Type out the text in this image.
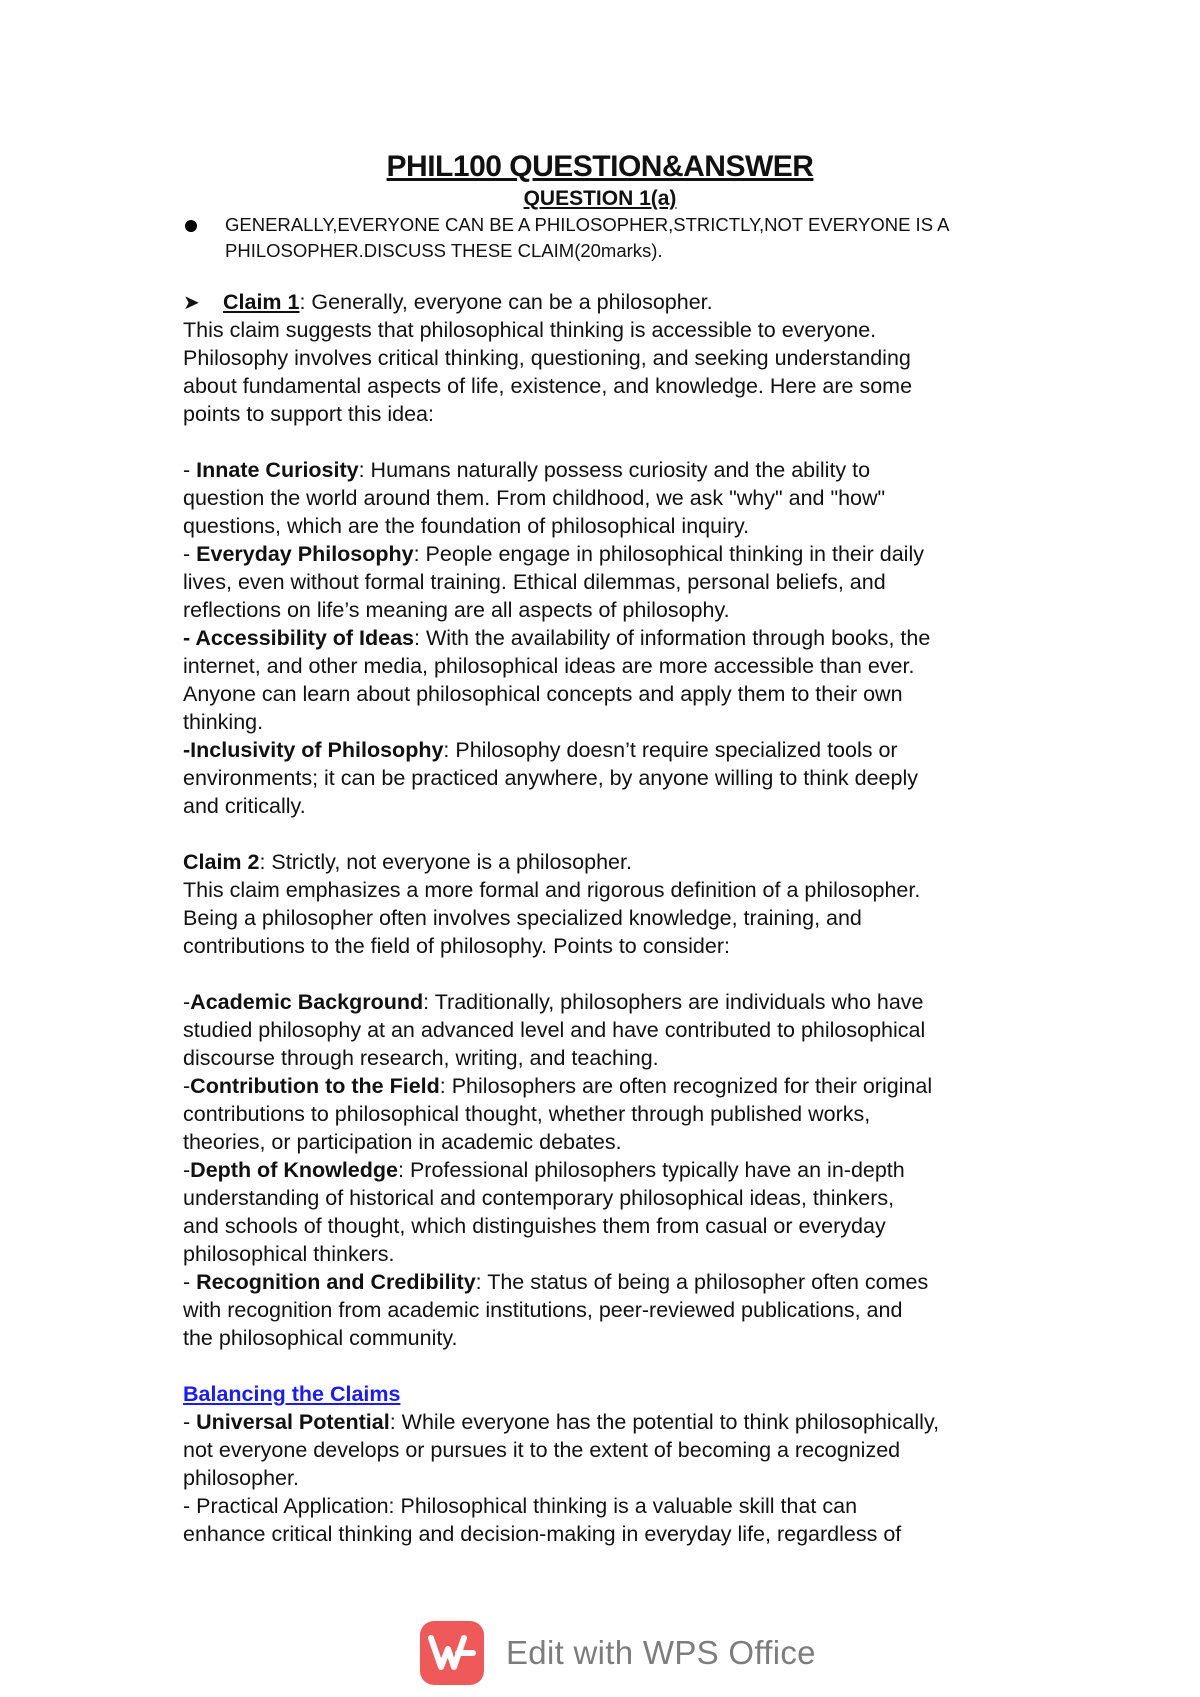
PHIL100 QUESTION&ANSWER
QUESTION 1(a)
GENERALLY,EVERYONE CAN BE A PHILOSOPHER,STRICTLY,NOT EVERYONE IS A
PHILOSOPHER.DISCUSS THESE CLAIM(20marks).
➤ Claim 1: Generally, everyone can be a philosopher.
This claim suggests that philosophical thinking is accessible to everyone.
Philosophy involves critical thinking, questioning, and seeking understanding
about fundamental aspects of life, existence, and knowledge. Here are some
points to support this idea:
- Innate Curiosity: Humans naturally possess curiosity and the ability to
question the world around them. From childhood, we ask "why" and "how"
questions, which are the foundation of philosophical inquiry.
- Everyday Philosophy: People engage in philosophical thinking in their daily
lives, even without formal training. Ethical dilemmas, personal beliefs, and
reflections on life’s meaning are all aspects of philosophy.
- Accessibility of Ideas: With the availability of information through books, the
internet, and other media, philosophical ideas are more accessible than ever.
Anyone can learn about philosophical concepts and apply them to their own
thinking.
-Inclusivity of Philosophy: Philosophy doesn’t require specialized tools or
environments; it can be practiced anywhere, by anyone willing to think deeply
and critically.
Claim 2: Strictly, not everyone is a philosopher.
This claim emphasizes a more formal and rigorous definition of a philosopher.
Being a philosopher often involves specialized knowledge, training, and
contributions to the field of philosophy. Points to consider:
-Academic Background: Traditionally, philosophers are individuals who have
studied philosophy at an advanced level and have contributed to philosophical
discourse through research, writing, and teaching.
-Contribution to the Field: Philosophers are often recognized for their original
contributions to philosophical thought, whether through published works,
theories, or participation in academic debates.
-Depth of Knowledge: Professional philosophers typically have an in-depth
understanding of historical and contemporary philosophical ideas, thinkers,
and schools of thought, which distinguishes them from casual or everyday
philosophical thinkers.
- Recognition and Credibility: The status of being a philosopher often comes
with recognition from academic institutions, peer-reviewed publications, and
the philosophical community.
Balancing the Claims
- Universal Potential: While everyone has the potential to think philosophically,
not everyone develops or pursues it to the extent of becoming a recognized
philosopher.
- Practical Application: Philosophical thinking is a valuable skill that can
enhance critical thinking and decision-making in everyday life, regardless of
Edit with WPS Office
